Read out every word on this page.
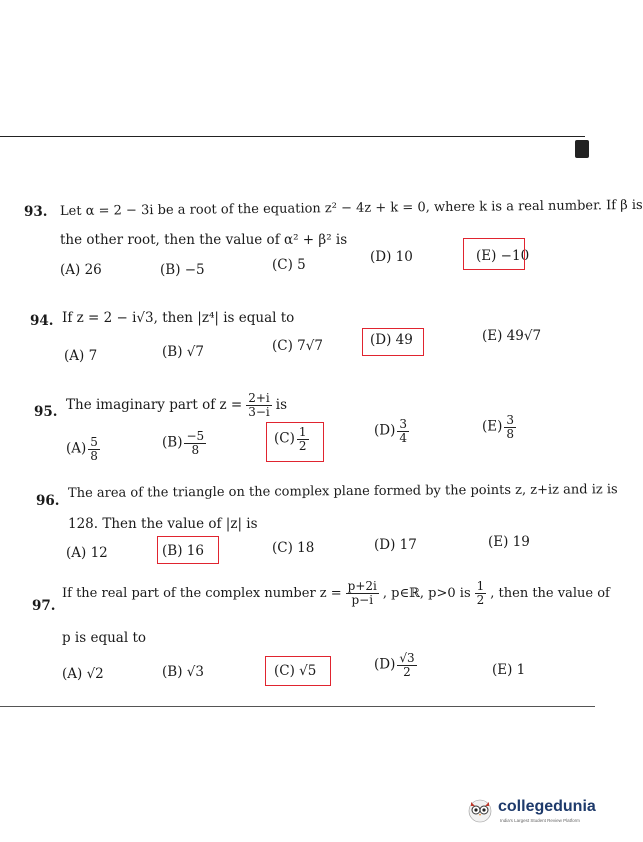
93. Let α = 2 − 3i be a root of the equation z² − 4z + k = 0, where k is a real number. If β is
the other root, then the value of α² + β² is
(A) 26	(B) −5	(C) 5	(D) 10	(E) −10
94. If z = 2 − i√3, then |z⁴| is equal to
(A) 7	(B) √7	(C) 7√7	(D) 49	(E) 49√7
95. The imaginary part of $z = \frac{2+i}{3-i}$ is
$(A) \frac{5}{8}$	$(B) \frac{-5}{8}$	$(C) \frac{1}{2}$	$(D) \frac{3}{4}$	$(E) \frac{3}{8}$
96.
The area of the triangle on the complex plane formed by the points z, z+iz and iz is
128. Then the value of |z| is
(A) 12	(B) 16	(C) 18	(D) 17	(E) 19
97.
If the real part of the complex number $z = \frac{p+2i}{p-i}$ , p∈ℝ, p>0 is $\frac{1}{2}$ , then the value of
p is equal to
(A) √2	(B) √3	(C) √5	$(D) \frac{√3}{2}$	(E) 1
collegedunia
India's Largest Student Review Platform
